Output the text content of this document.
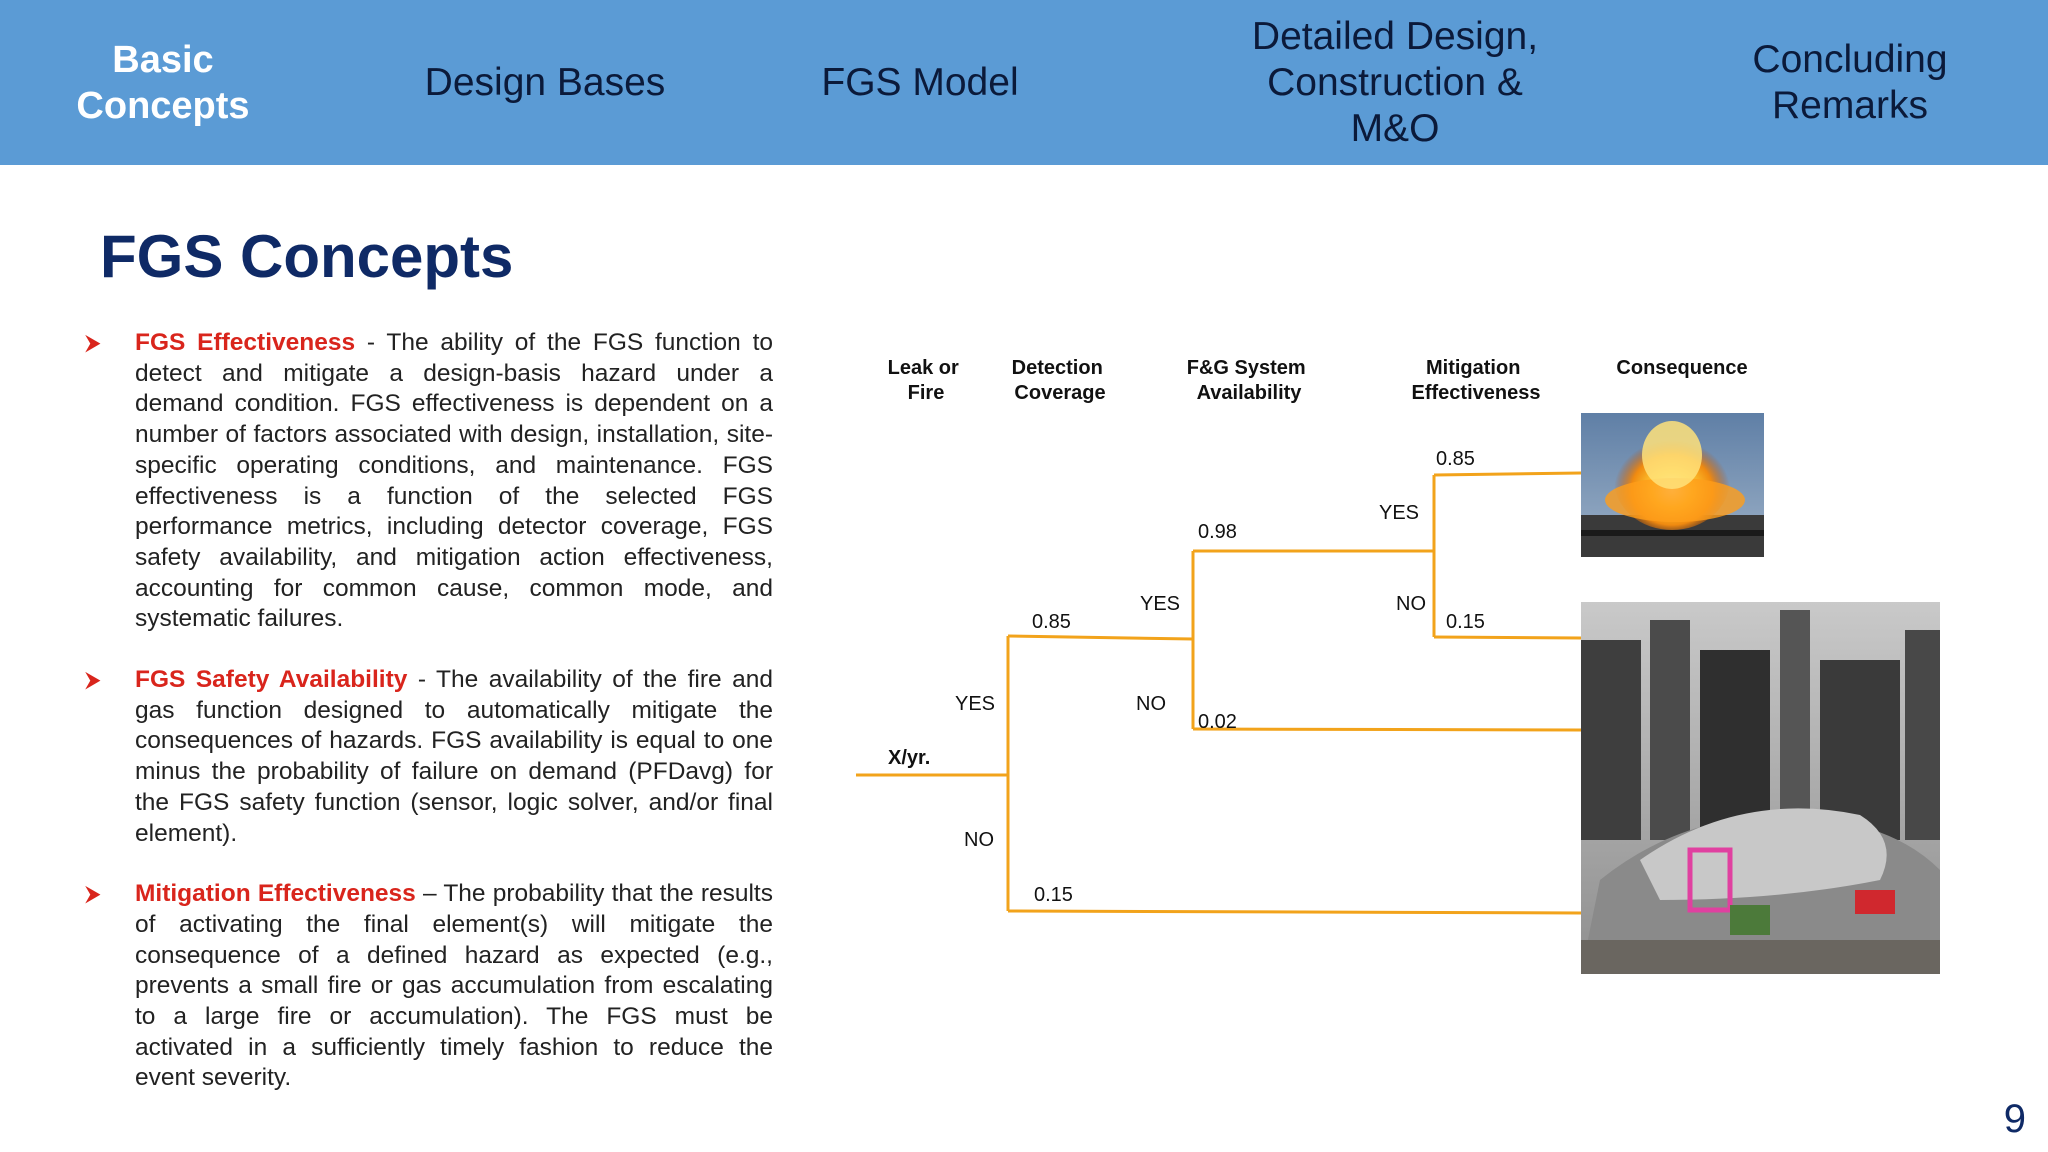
Basic
Concepts
Design Bases	FGS Model
Detailed Design,
Construction &
M&O
Concluding
Remarks
FGS Concepts
⮞ FGS Effectiveness - The ability of the FGS function to detect and mitigate a design-basis hazard under a demand condition. FGS effectiveness is dependent on a number of factors associated with design, installation, site-specific operating conditions, and maintenance. FGS effectiveness is a function of the selected FGS performance metrics, including detector coverage, FGS safety availability, and mitigation action effectiveness, accounting for common cause, common mode, and systematic failures.
⮞ FGS Safety Availability - The availability of the fire and gas function designed to automatically mitigate the consequences of hazards. FGS availability is equal to one minus the probability of failure on demand (PFDavg) for the FGS safety function (sensor, logic solver, and/or final element).
⮞ Mitigation Effectiveness – The probability that the results of activating the final element(s) will mitigate the consequence of a defined hazard as expected (e.g., prevents a small fire or gas accumulation from escalating to a large fire or accumulation). The FGS must be activated in a sufficiently timely fashion to reduce the event severity.
Leak or Fire
Detection Coverage
F&G System Availability
Mitigation Effectiveness
Consequence
X/yr.
YES
0.85
NO
0.15
YES
0.98
NO
0.02
YES
0.85
NO
0.15
9
